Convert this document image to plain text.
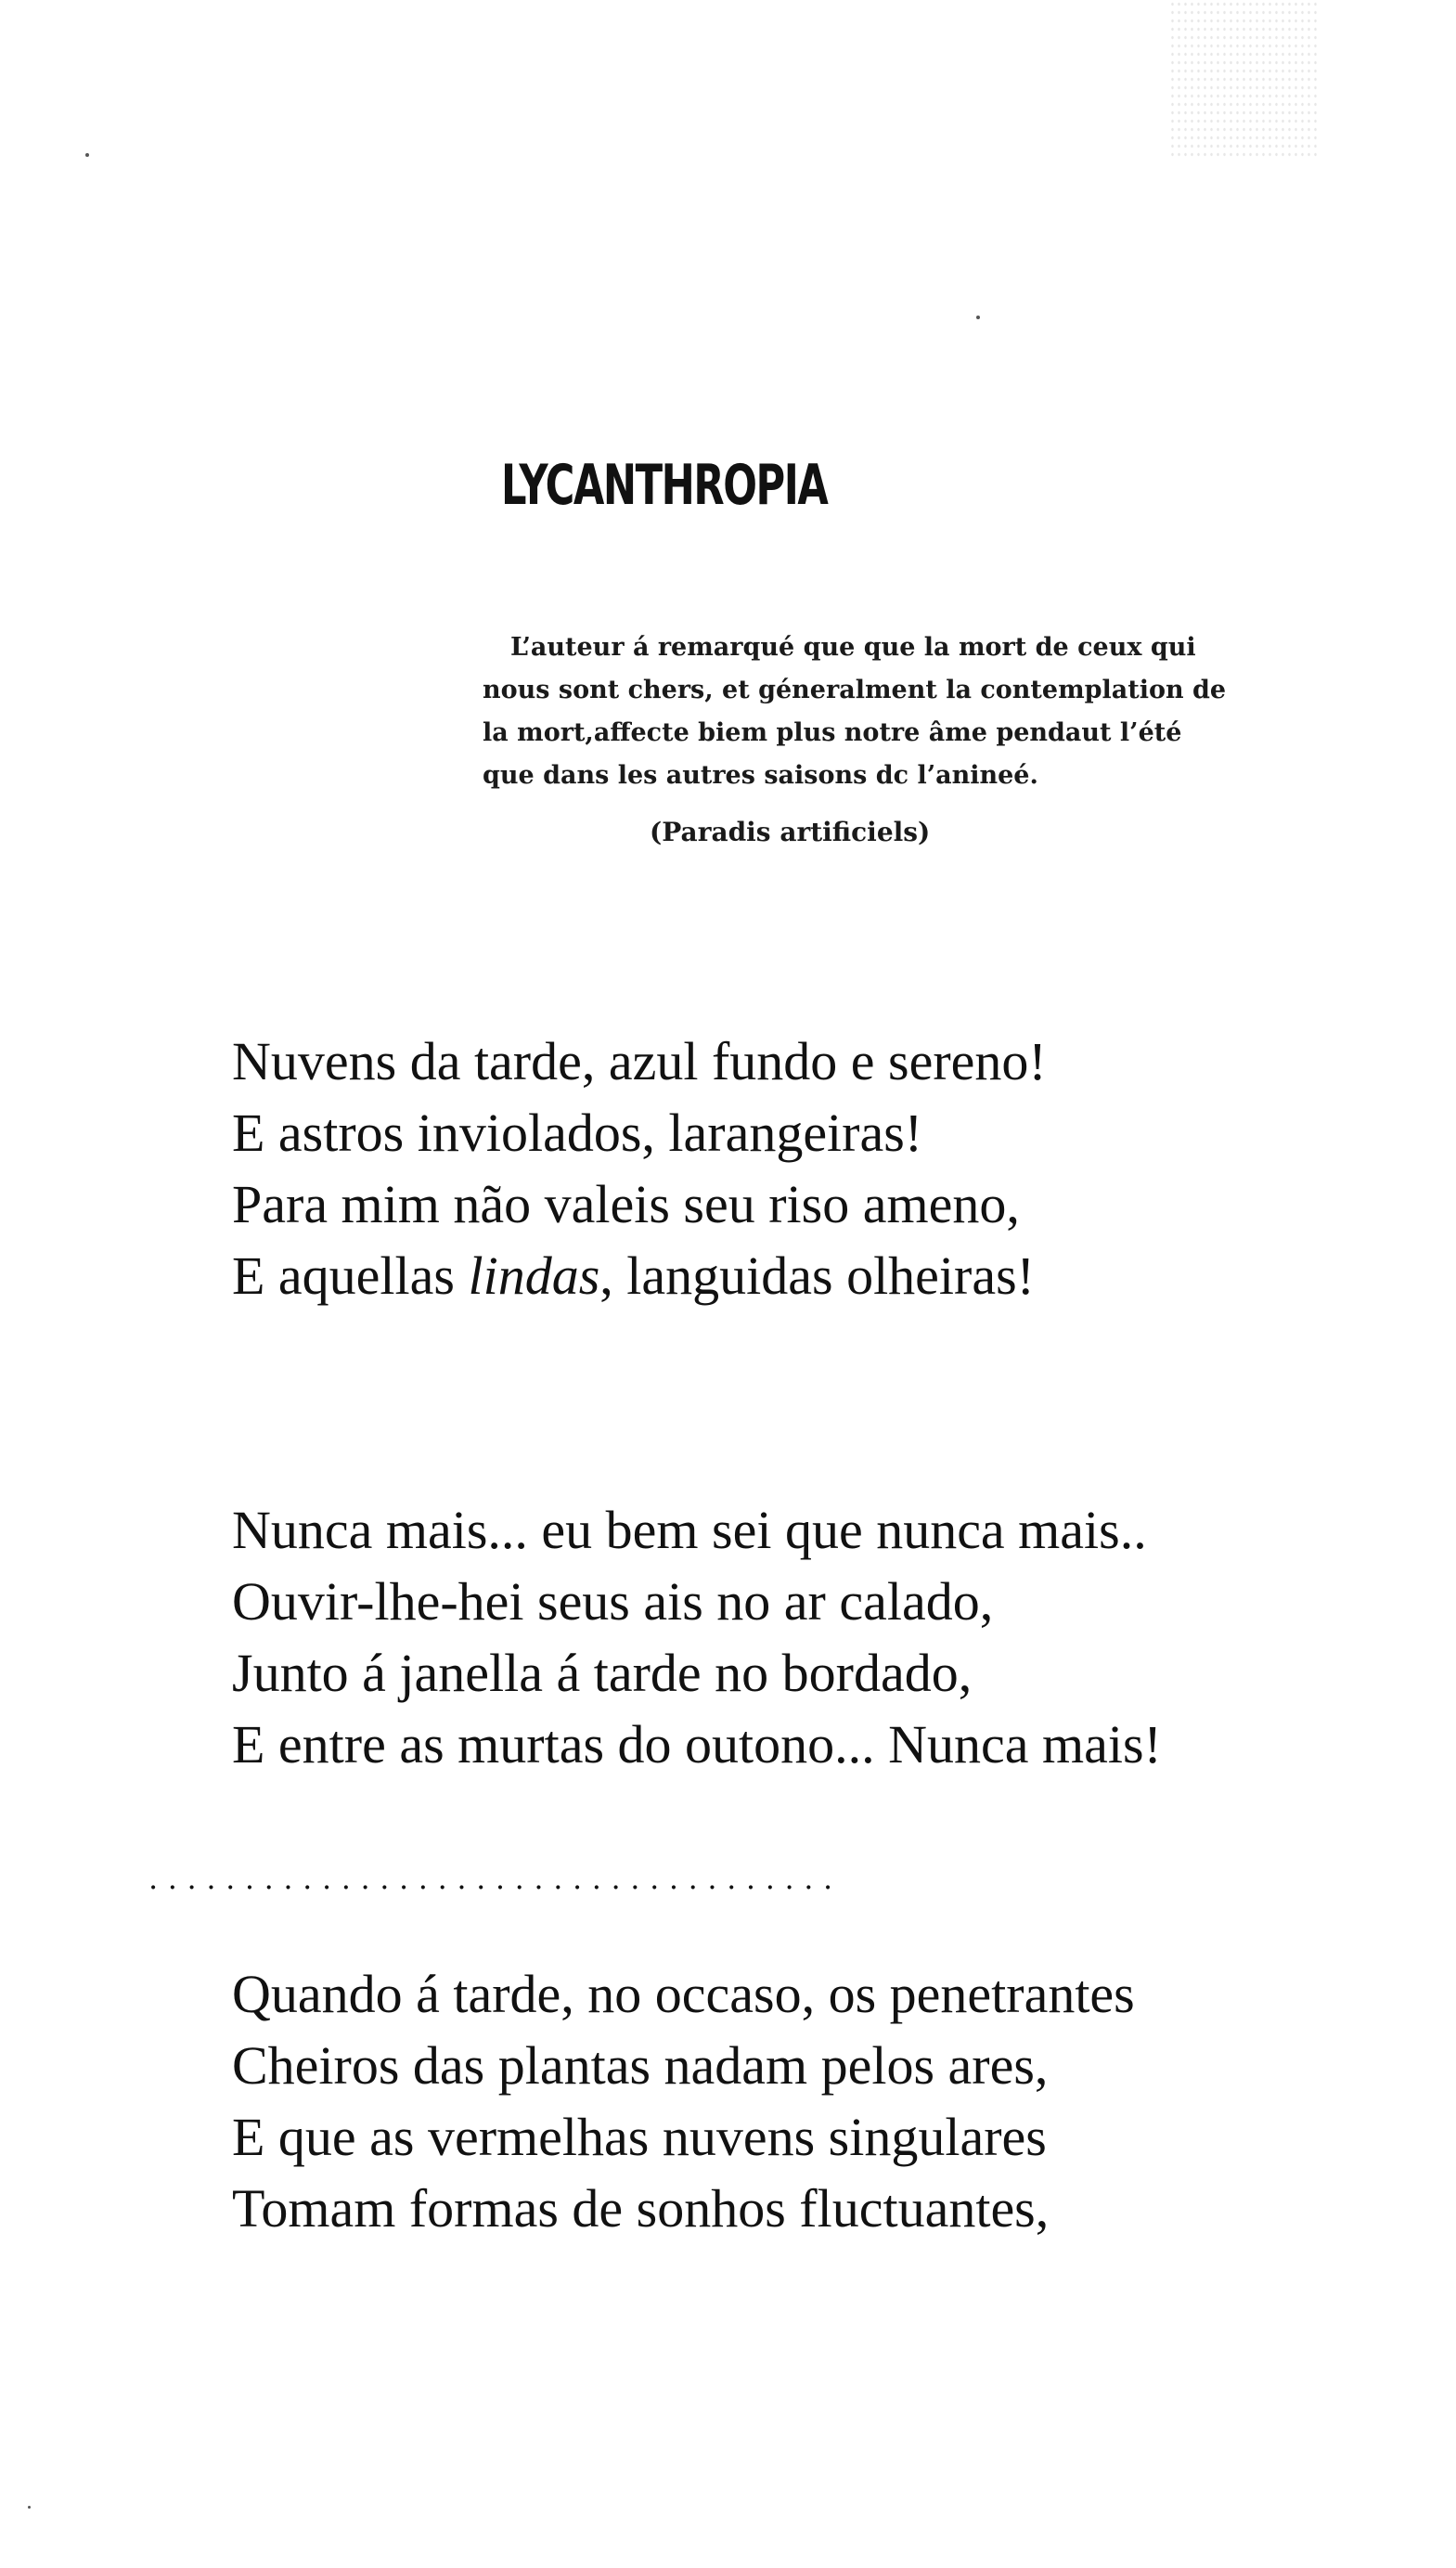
LYCANTHROPIA
L’auteur á remarqué que que la mort de ceux qui
nous sont chers, et géneralment la contemplation de
la mort,affecte biem plus notre âme pendaut l’été
que dans les autres saisons dc l’anineé.
(Paradis artificiels)
Nuvens da tarde, azul fundo e sereno!
E astros inviolados, larangeiras!
Para mim não valeis seu riso ameno,
E aquellas lindas, languidas olheiras!
Nunca mais... eu bem sei que nunca mais..
Ouvir-lhe-hei seus ais no ar calado,
Junto á janella á tarde no bordado,
E entre as murtas do outono... Nunca mais!
....................................
Quando á tarde, no occaso, os penetrantes
Cheiros das plantas nadam pelos ares,
E que as vermelhas nuvens singulares
Tomam formas de sonhos fluctuantes,
